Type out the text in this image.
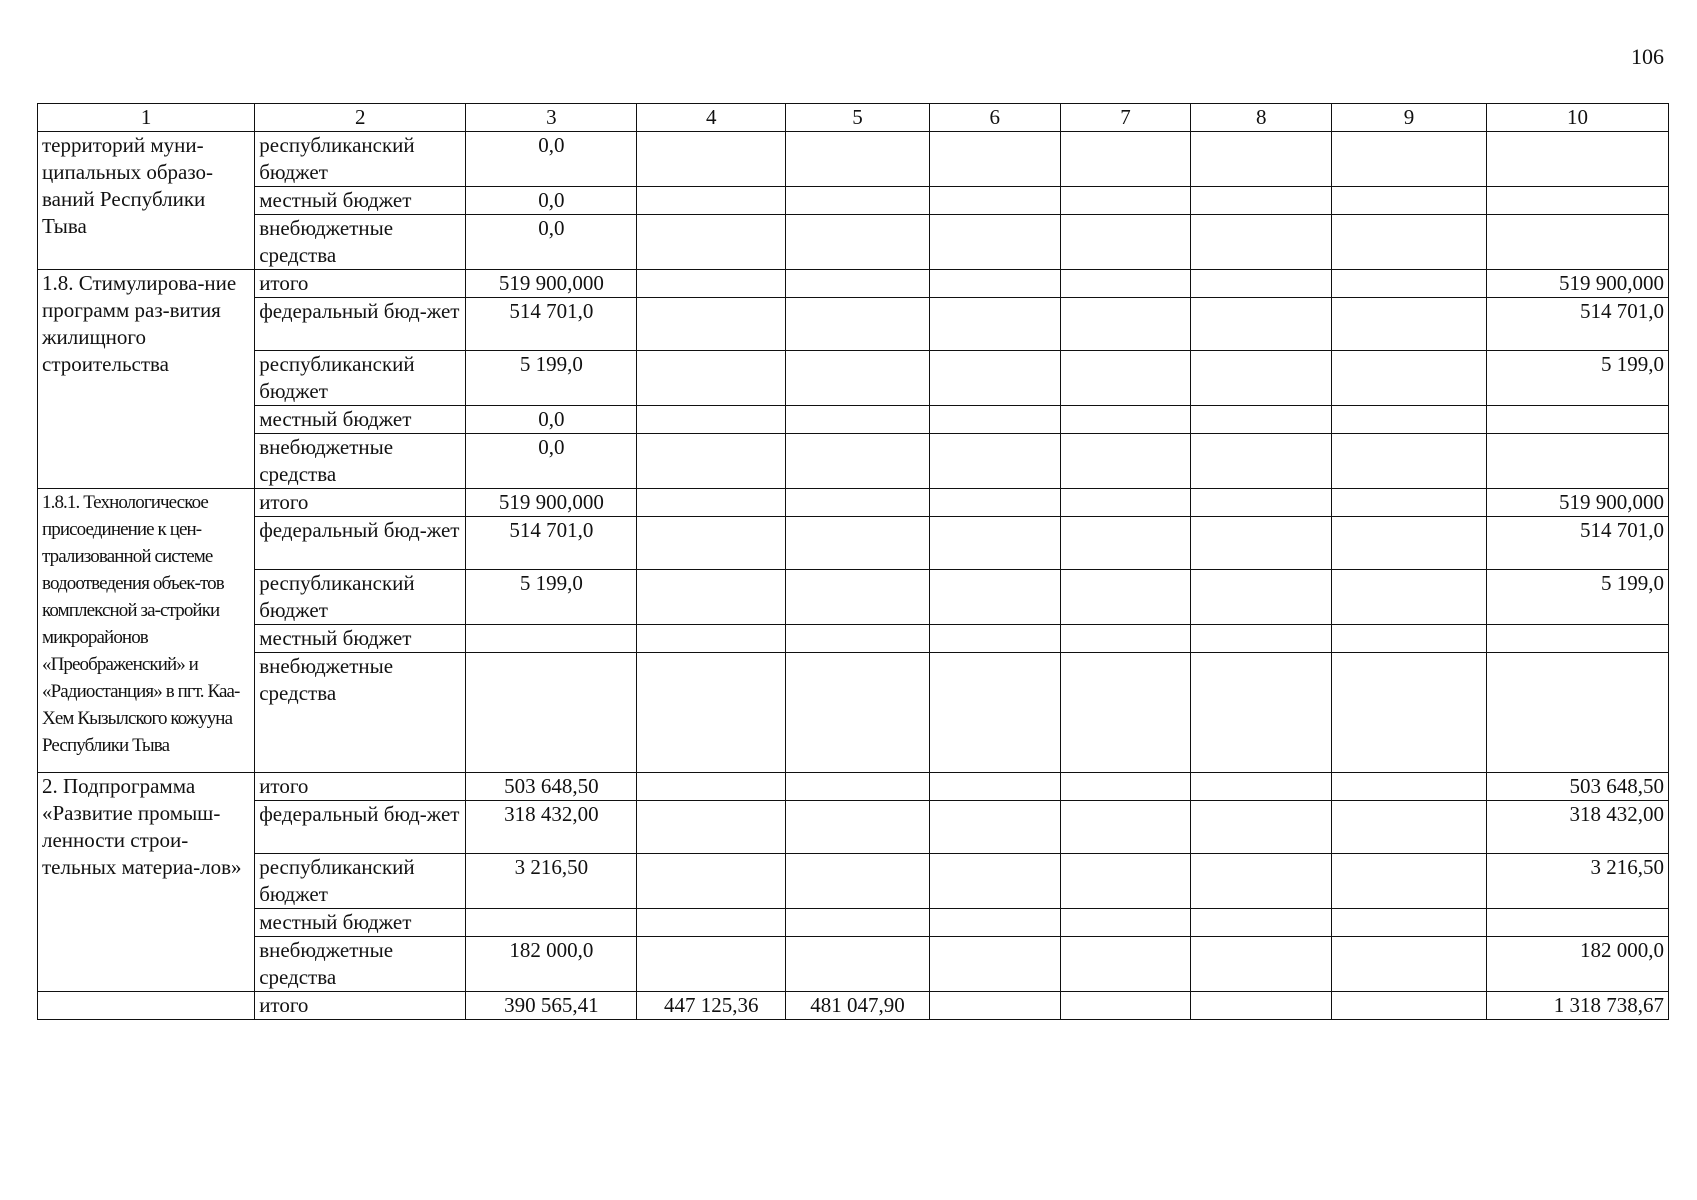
106
1	2	3	4	5	6	7	8	9	10
территорий муни-ципальных образо-ваний Республики Тыва	республиканский бюджет	0,0							
	местный бюджет	0,0							
	внебюджетные средства	0,0							
1.8. Стимулирова-ние программ раз-вития жилищного строительства	итого	519 900,000							519 900,000
	федеральный бюд-жет	514 701,0							514 701,0
	республиканский бюджет	5 199,0							5 199,0
	местный бюджет	0,0							
	внебюджетные средства	0,0							
1.8.1. Технологическое присоединение к цен-трализованной системе водоотведения объек-тов комплексной за-стройки микрорайонов «Преображенский» и «Радиостанция» в пгт. Каа-Хем Кызылского кожууна Республики Тыва	итого	519 900,000							519 900,000
	федеральный бюд-жет	514 701,0							514 701,0
	республиканский бюджет	5 199,0							5 199,0
	местный бюджет								
	внебюджетные средства								
2. Подпрограмма «Развитие промыш-ленности строи-тельных материа-лов»	итого	503 648,50							503 648,50
	федеральный бюд-жет	318 432,00							318 432,00
	республиканский бюджет	3 216,50							3 216,50
	местный бюджет								
	внебюджетные средства	182 000,0							182 000,0
	итого	390 565,41	447 125,36	481 047,90					1 318 738,67
